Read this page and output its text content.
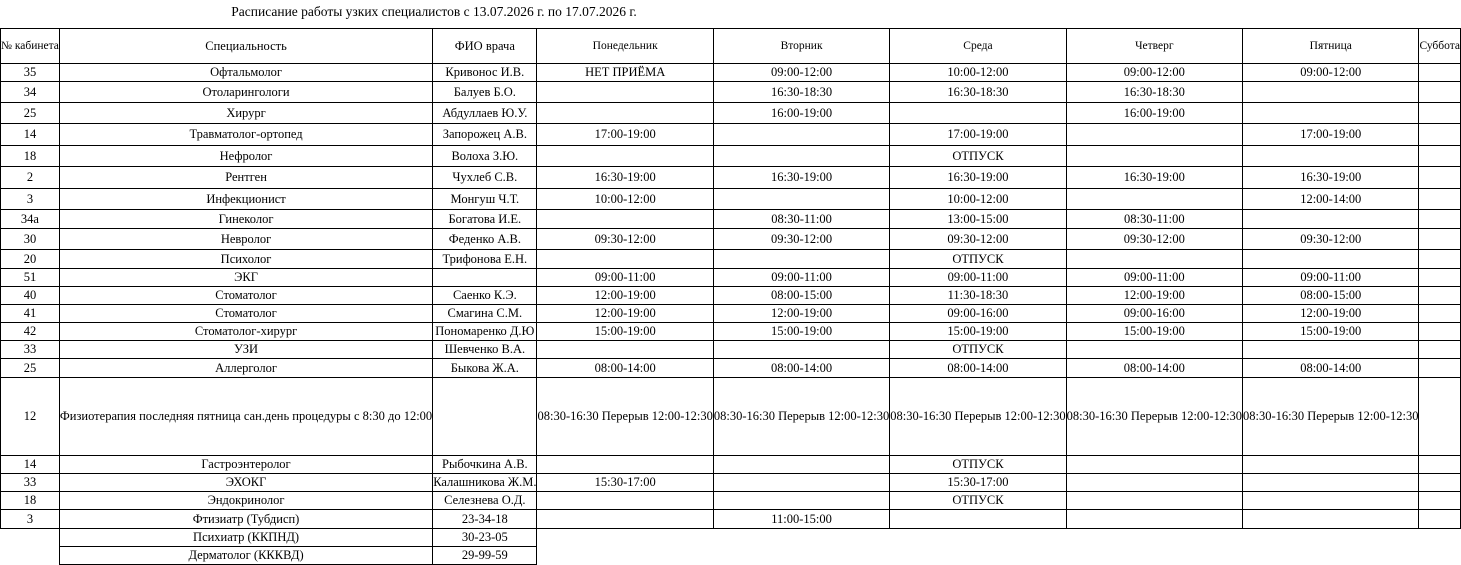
Расписание работы узких специалистов с 13.07.2026 г. по 17.07.2026 г.
№ кабинета	Специальность	ФИО врача	Понедельник	Вторник	Среда	Четверг	Пятница	Суббота
35	Офтальмолог	Кривонос И.В.	НЕТ ПРИЁМА	09:00-12:00	10:00-12:00	09:00-12:00	09:00-12:00	
34	Отоларингологи	Балуев Б.О.		16:30-18:30	16:30-18:30	16:30-18:30		
25	Хирург	Абдуллаев Ю.У.		16:00-19:00		16:00-19:00		
14	Травматолог-ортопед	Запорожец А.В.	17:00-19:00		17:00-19:00		17:00-19:00	
18	Нефролог	Волоха З.Ю.			ОТПУСК			
2	Рентген	Чухлеб С.В.	16:30-19:00	16:30-19:00	16:30-19:00	16:30-19:00	16:30-19:00	
3	Инфекционист	Монгуш Ч.Т.	10:00-12:00		10:00-12:00		12:00-14:00	
34а	Гинеколог	Богатова И.Е.		08:30-11:00	13:00-15:00	08:30-11:00		
30	Невролог	Феденко А.В.	09:30-12:00	09:30-12:00	09:30-12:00	09:30-12:00	09:30-12:00	
20	Психолог	Трифонова Е.Н.			ОТПУСК			
51	ЭКГ		09:00-11:00	09:00-11:00	09:00-11:00	09:00-11:00	09:00-11:00	
40	Стоматолог	Саенко К.Э.	12:00-19:00	08:00-15:00	11:30-18:30	12:00-19:00	08:00-15:00	
41	Стоматолог	Смагина С.М.	12:00-19:00	12:00-19:00	09:00-16:00	09:00-16:00	12:00-19:00	
42	Стоматолог-хирург	Пономаренко Д.Ю	15:00-19:00	15:00-19:00	15:00-19:00	15:00-19:00	15:00-19:00	
33	УЗИ	Шевченко В.А.			ОТПУСК			
25	Аллерголог	Быкова Ж.А.	08:00-14:00	08:00-14:00	08:00-14:00	08:00-14:00	08:00-14:00	
12	Физиотерапия последняя пятница сан.день процедуры с 8:30 до 12:00		08:30-16:30 Перерыв 12:00-12:30	08:30-16:30 Перерыв 12:00-12:30	08:30-16:30 Перерыв 12:00-12:30	08:30-16:30 Перерыв 12:00-12:30	08:30-16:30 Перерыв 12:00-12:30	
14	Гастроэнтеролог	Рыбочкина А.В.			ОТПУСК			
33	ЭХОКГ	Калашникова Ж.М.	15:30-17:00		15:30-17:00			
18	Эндокринолог	Селезнева О.Д.			ОТПУСК			
3	Фтизиатр (Тубдисп)	23-34-18		11:00-15:00				
	Психиатр (ККПНД)	30-23-05						
	Дерматолог (КККВД)	29-99-59						
